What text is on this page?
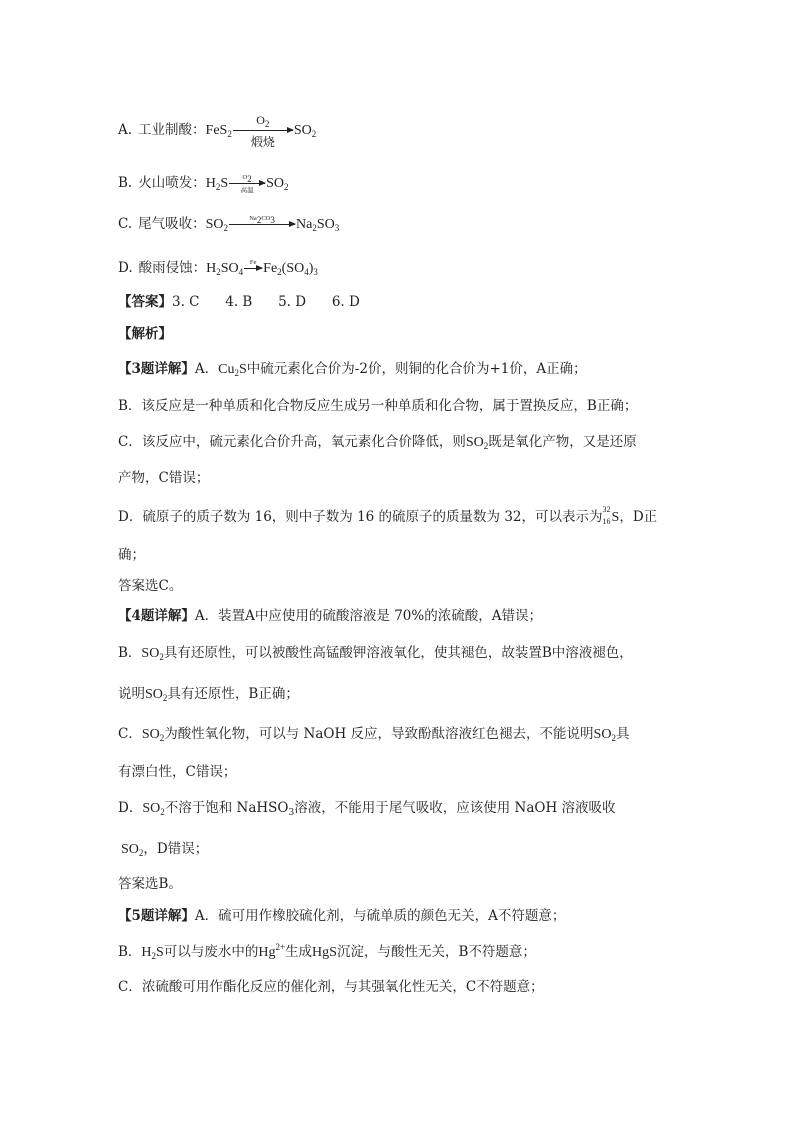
A. 工业制酸：FeS$_2$
$O_2$
煅烧
$SO_2$
B. 火山喷发：$H_2S$	$O_2$
高温 $SO_2$
C. 尾气吸收：$SO_2$
$Na_2CO_3$	$Na_2SO_3$
D. 酸雨侵蚀：$H_2SO_4$
Fe $Fe_2(SO_4)_3$
【答案】3. C      4. B      5. D      6. D
【解析】
【3题详解】A．$Cu_2S$中硫元素化合价为-2价，则铜的化合价为+1价，A正确；
B．该反应是一种单质和化合物反应生成另一种单质和化合物，属于置换反应，B正确；
C．该反应中，硫元素化合价升高，氧元素化合价降低，则$SO_2$既是氧化产物，又是还原
产物，C错误；
D．硫原子的质子数为 16，则中子数为 16 的硫原子的质量数为 32，可以表示为 32
16 S，D正
确；
答案选C。
【4题详解】A．装置A中应使用的硫酸溶液是 70%的浓硫酸，A错误；
B．$SO_2$具有还原性，可以被酸性高锰酸钾溶液氧化，使其褪色，故装置B中溶液褪色，
说明$SO_2$具有还原性，B正确；
C．$SO_2$为酸性氧化物，可以与 NaOH 反应，导致酚酞溶液红色褪去，不能说明$SO_2$具
有漂白性，C错误；
D．$SO_2$不溶于饱和 NaHSO$_3$溶液，不能用于尾气吸收，应该使用 NaOH 溶液吸收
$SO_2$，D错误；
答案选B。
【5题详解】A．硫可用作橡胶硫化剂，与硫单质的颜色无关，A不符题意；
B．$H_2S$可以与废水中的$Hg^{2+}$生成HgS沉淀，与酸性无关，B不符题意；
C．浓硫酸可用作酯化反应的催化剂，与其强氧化性无关，C不符题意；
